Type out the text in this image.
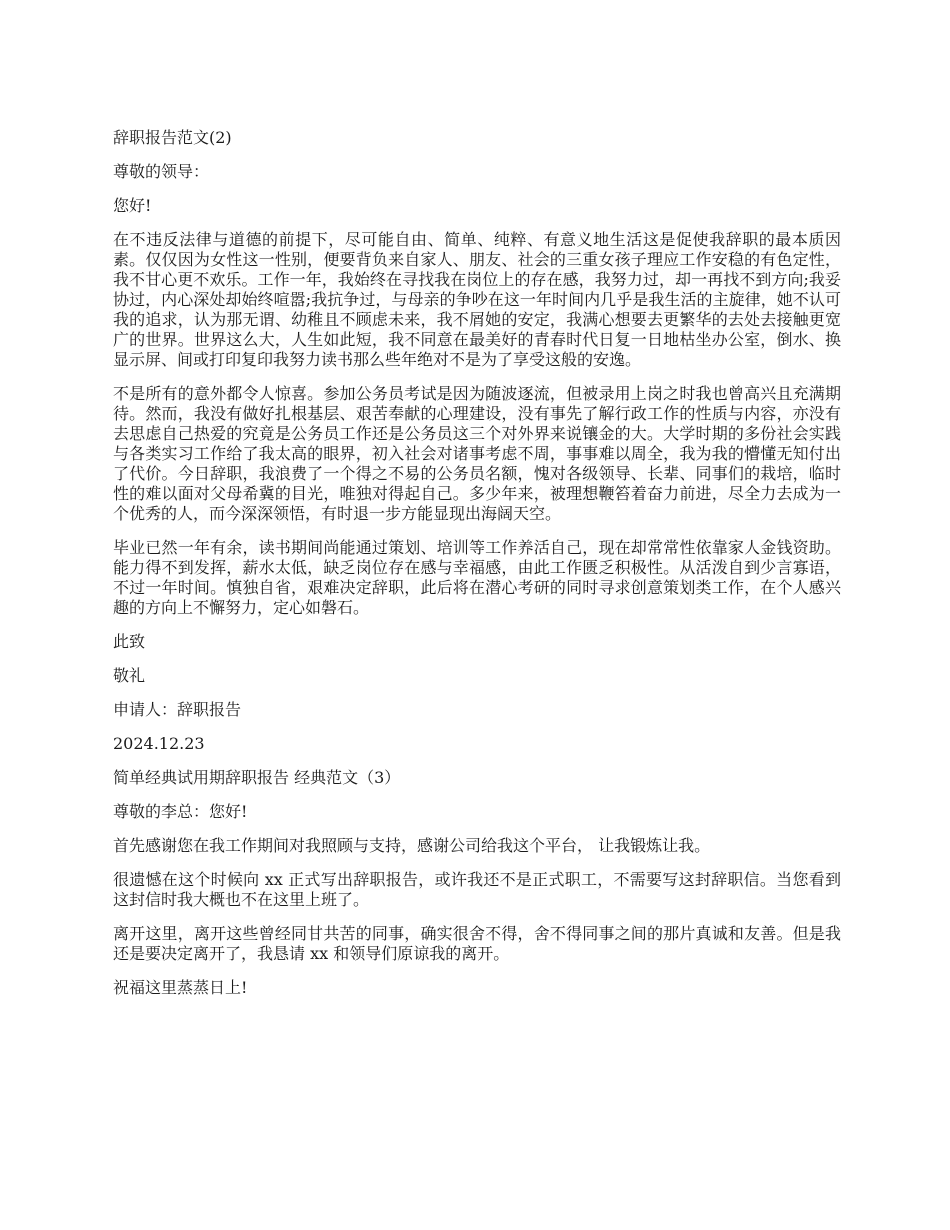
辞职报告范文(2)

尊敬的领导：

您好!

在不违反法律与道德的前提下，尽可能自由、简单、纯粹、有意义地生活这是促使我辞职的最本质因素。仅仅因为女性这一性别，便要背负来自家人、朋友、社会的三重女孩子理应工作安稳的有色定性，我不甘心更不欢乐。工作一年，我始终在寻找我在岗位上的存在感，我努力过，却一再找不到方向;我妥协过，内心深处却始终喧嚣;我抗争过，与母亲的争吵在这一年时间内几乎是我生活的主旋律，她不认可我的追求，认为那无谓、幼稚且不顾虑未来，我不屑她的安定，我满心想要去更繁华的去处去接触更宽广的世界。世界这么大，人生如此短，我不同意在最美好的青春时代日复一日地枯坐办公室，倒水、换显示屏、间或打印复印我努力读书那么些年绝对不是为了享受这般的安逸。

不是所有的意外都令人惊喜。参加公务员考试是因为随波逐流，但被录用上岗之时我也曾高兴且充满期待。然而，我没有做好扎根基层、艰苦奉献的心理建设，没有事先了解行政工作的性质与内容，亦没有去思虑自己热爱的究竟是公务员工作还是公务员这三个对外界来说镶金的大。大学时期的多份社会实践与各类实习工作给了我太高的眼界，初入社会对诸事考虑不周，事事难以周全，我为我的懵懂无知付出了代价。今日辞职，我浪费了一个得之不易的公务员名额，愧对各级领导、长辈、同事们的栽培，临时性的难以面对父母希冀的目光，唯独对得起自己。多少年来，被理想鞭笞着奋力前进，尽全力去成为一个优秀的人，而今深深领悟，有时退一步方能显现出海阔天空。

毕业已然一年有余，读书期间尚能通过策划、培训等工作养活自己，现在却常常性依靠家人金钱资助。能力得不到发挥，薪水太低，缺乏岗位存在感与幸福感，由此工作匮乏积极性。从活泼自到少言寡语，不过一年时间。慎独自省，艰难决定辞职，此后将在潜心考研的同时寻求创意策划类工作，在个人感兴趣的方向上不懈努力，定心如磐石。

此致

敬礼

申请人：辞职报告

2024.12.23

简单经典试用期辞职报告 经典范文（3）

尊敬的李总：您好!

首先感谢您在我工作期间对我照顾与支持，感谢公司给我这个平台， 让我锻炼让我。

很遗憾在这个时候向 xx 正式写出辞职报告，或许我还不是正式职工，不需要写这封辞职信。当您看到这封信时我大概也不在这里上班了。

离开这里，离开这些曾经同甘共苦的同事，确实很舍不得，舍不得同事之间的那片真诚和友善。但是我还是要决定离开了，我恳请 xx 和领导们原谅我的离开。

祝福这里蒸蒸日上!
